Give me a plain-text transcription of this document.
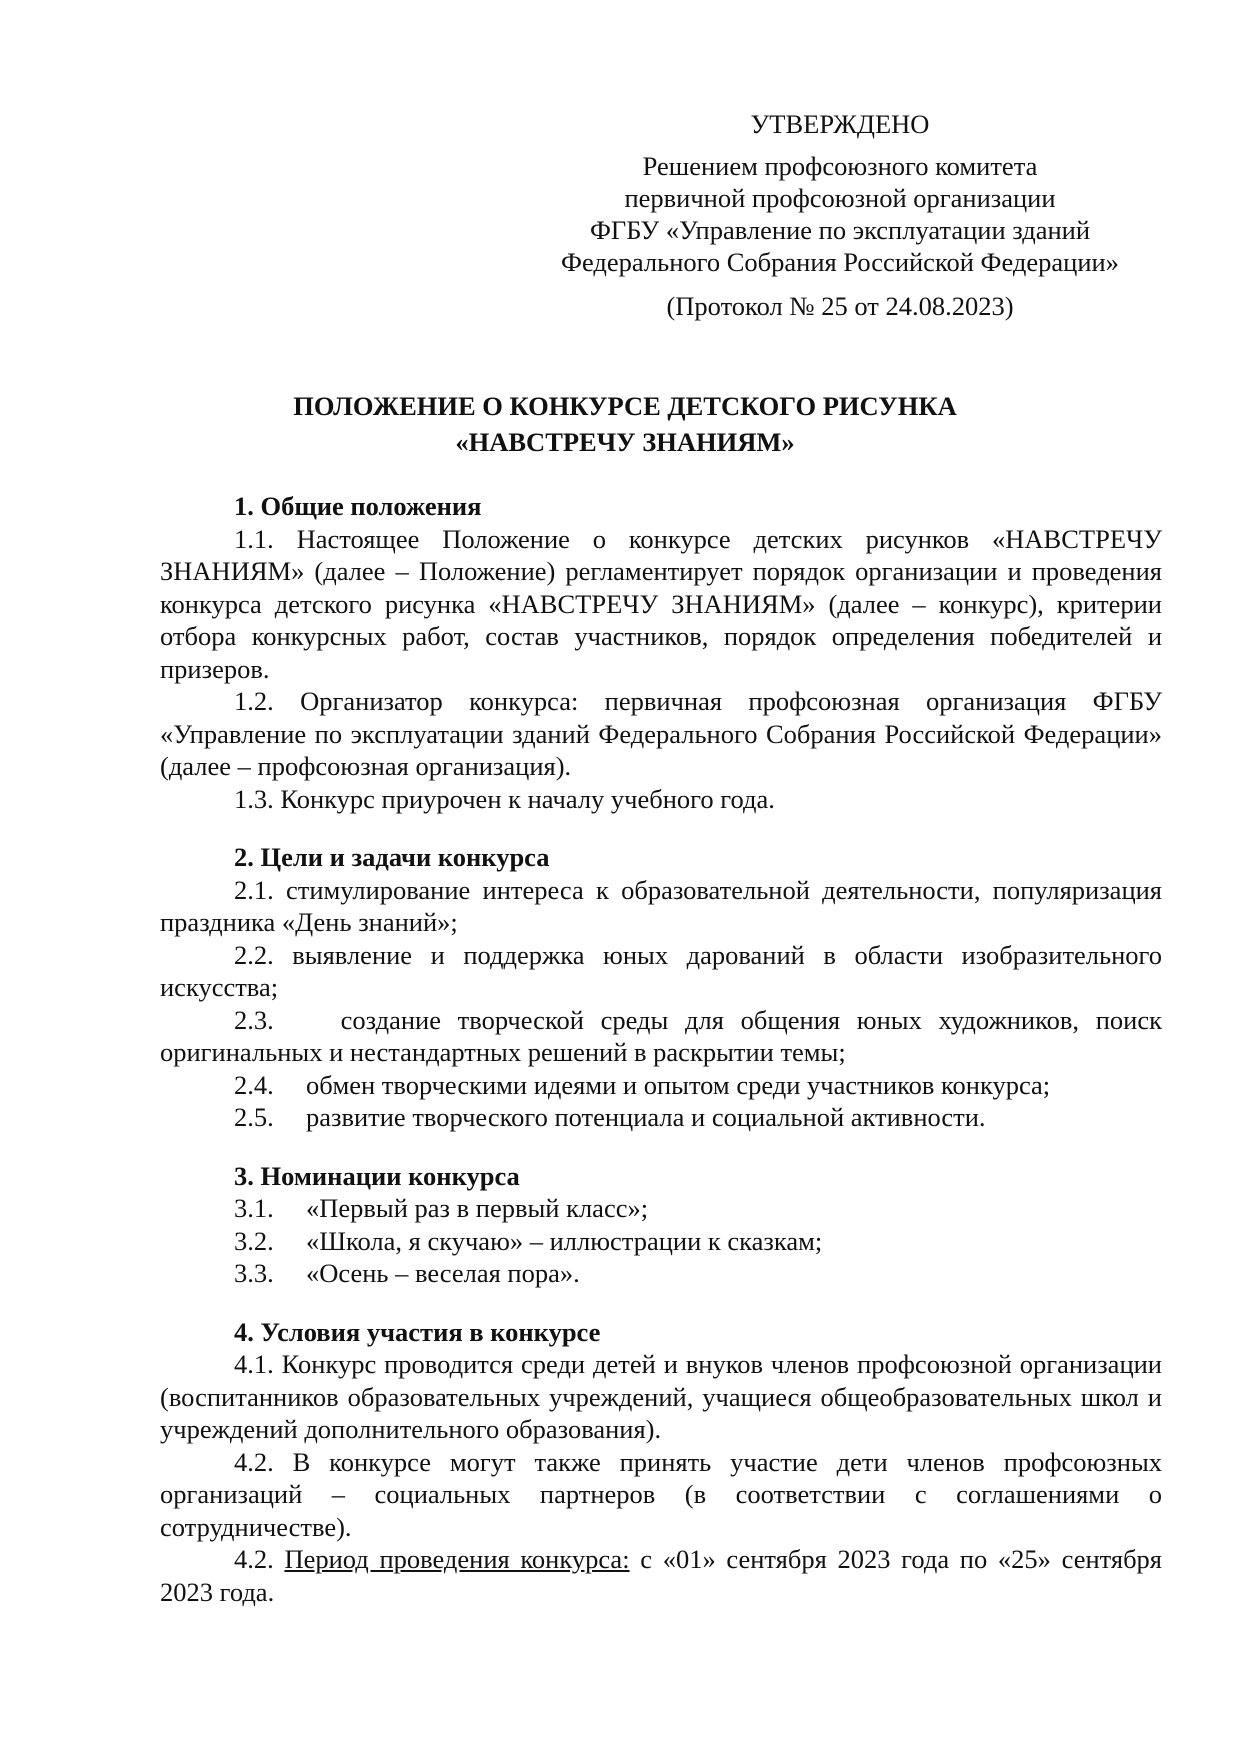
УТВЕРЖДЕНО
Решением профсоюзного комитета
первичной профсоюзной организации
ФГБУ «Управление по эксплуатации зданий
Федерального Собрания Российской Федерации»
(Протокол № 25 от 24.08.2023)
ПОЛОЖЕНИЕ О КОНКУРСЕ ДЕТСКОГО РИСУНКА
«НАВСТРЕЧУ ЗНАНИЯМ»
1. Общие положения
1.1. Настоящее Положение о конкурсе детских рисунков «НАВСТРЕЧУ ЗНАНИЯМ» (далее – Положение) регламентирует порядок организации и проведения конкурса детского рисунка «НАВСТРЕЧУ ЗНАНИЯМ» (далее – конкурс), критерии отбора конкурсных работ, состав участников, порядок определения победителей и призеров.
1.2. Организатор конкурса: первичная профсоюзная организация ФГБУ «Управление по эксплуатации зданий Федерального Собрания Российской Федерации» (далее – профсоюзная организация).
1.3. Конкурс приурочен к началу учебного года.
2. Цели и задачи конкурса
2.1. стимулирование интереса к образовательной деятельности, популяризация праздника «День знаний»;
2.2. выявление и поддержка юных дарований в области изобразительного искусства;
2.3.	создание творческой среды для общения юных художников, поиск оригинальных и нестандартных решений в раскрытии темы;
2.4.	обмен творческими идеями и опытом среди участников конкурса;
2.5.	развитие творческого потенциала и социальной активности.
3. Номинации конкурса
3.1.	«Первый раз в первый класс»;
3.2.	«Школа, я скучаю» – иллюстрации к сказкам;
3.3.	«Осень – веселая пора».
4. Условия участия в конкурсе
4.1. Конкурс проводится среди детей и внуков членов профсоюзной организации (воспитанников образовательных учреждений, учащиеся общеобразовательных школ и учреждений дополнительного образования).
4.2. В конкурсе могут также принять участие дети членов профсоюзных организаций – социальных партнеров (в соответствии с соглашениями о сотрудничестве).
4.2. Период проведения конкурса: с «01» сентября 2023 года по «25» сентября 2023 года.
